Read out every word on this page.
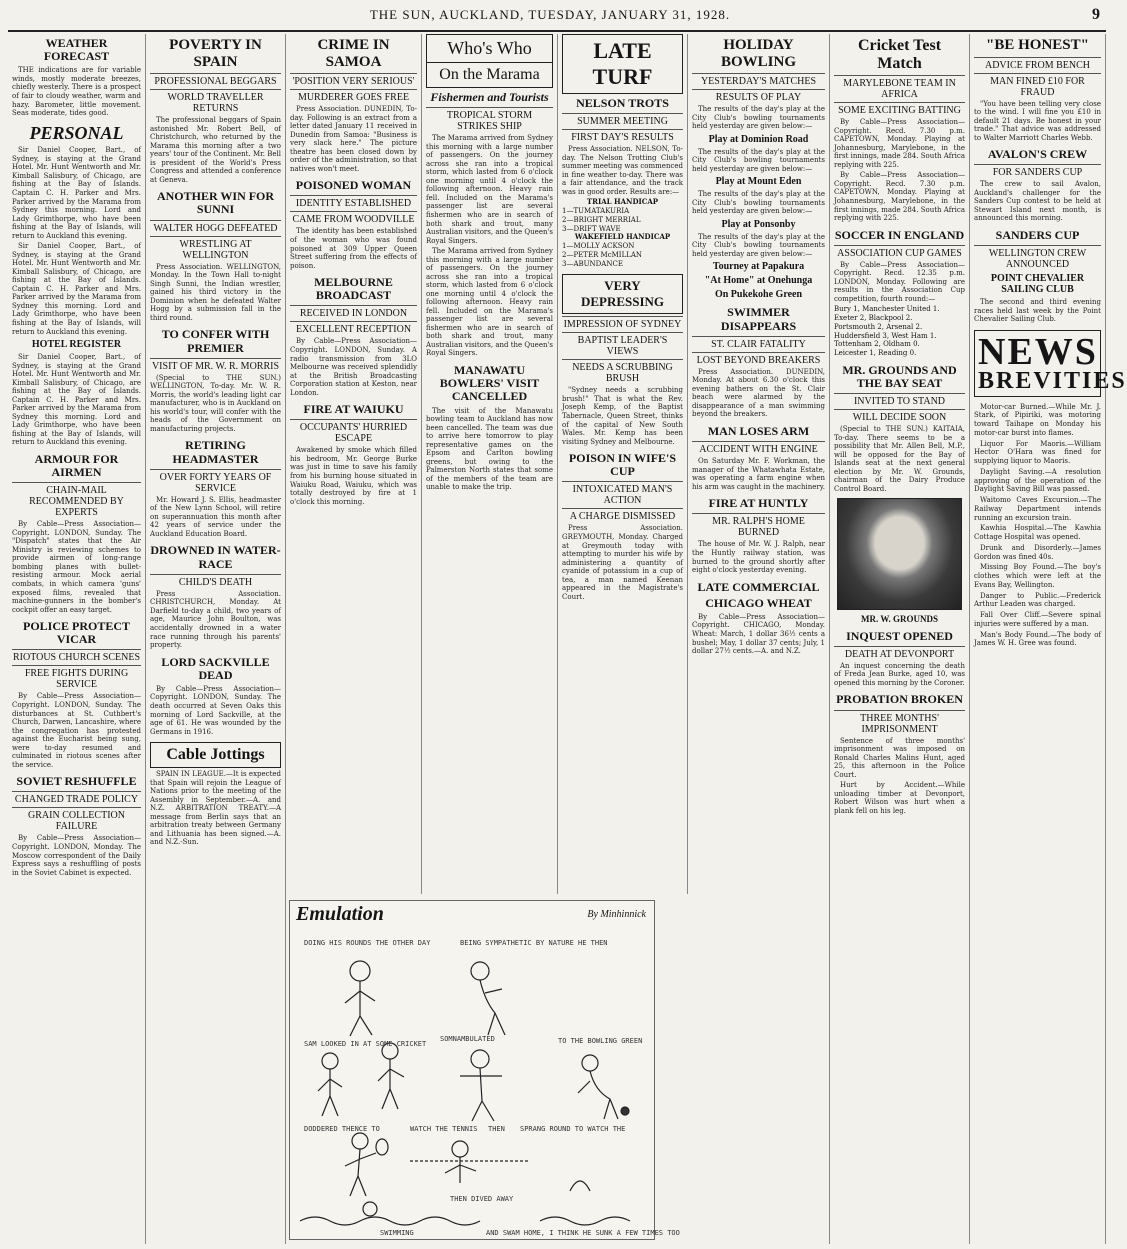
THE SUN, AUCKLAND, TUESDAY, JANUARY 31, 1928.	9
WEATHER FORECAST
THE indications are for variable winds, mostly moderate breezes, chiefly westerly. There is a prospect of fair to cloudy weather, warm and hazy. Barometer, little movement. Seas moderate, tides good.
PERSONAL
Sir Daniel Cooper, Bart., of Sydney, is staying at the Grand Hotel. Mr. Hunt Wentworth and Mr. Kimball Salisbury, of Chicago, are fishing at the Bay of Islands. Captain C. H. Parker and Mrs. Parker arrived by the Marama from Sydney this morning. Lord and Lady Grimthorpe, who have been fishing at the Bay of Islands, will return to Auckland this evening.
Sir Daniel Cooper, Bart., of Sydney, is staying at the Grand Hotel. Mr. Hunt Wentworth and Mr. Kimball Salisbury, of Chicago, are fishing at the Bay of Islands. Captain C. H. Parker and Mrs. Parker arrived by the Marama from Sydney this morning. Lord and Lady Grimthorpe, who have been fishing at the Bay of Islands, will return to Auckland this evening.
HOTEL REGISTER
Sir Daniel Cooper, Bart., of Sydney, is staying at the Grand Hotel. Mr. Hunt Wentworth and Mr. Kimball Salisbury, of Chicago, are fishing at the Bay of Islands. Captain C. H. Parker and Mrs. Parker arrived by the Marama from Sydney this morning. Lord and Lady Grimthorpe, who have been fishing at the Bay of Islands, will return to Auckland this evening.
ARMOUR FOR AIRMEN
CHAIN-MAIL RECOMMENDED BY EXPERTS
By Cable—Press Association—Copyright. LONDON, Sunday. The "Dispatch" states that the Air Ministry is reviewing schemes to provide airmen of long-range bombing planes with bullet-resisting armour. Mock aerial combats, in which camera 'guns' exposed films, revealed that machine-gunners in the bomber's cockpit offer an easy target.
POLICE PROTECT VICAR
RIOTOUS CHURCH SCENES
FREE FIGHTS DURING SERVICE
By Cable—Press Association—Copyright. LONDON, Sunday. The disturbances at St. Cuthbert's Church, Darwen, Lancashire, where the congregation has protested against the Eucharist being sung, were to-day resumed and culminated in riotous scenes after the service.
SOVIET RESHUFFLE
CHANGED TRADE POLICY
GRAIN COLLECTION FAILURE
By Cable—Press Association—Copyright. LONDON, Monday. The Moscow correspondent of the Daily Express says a reshuffling of posts in the Soviet Cabinet is expected.
POVERTY IN SPAIN
PROFESSIONAL BEGGARS
WORLD TRAVELLER RETURNS
The professional beggars of Spain astonished Mr. Robert Bell, of Christchurch, who returned by the Marama this morning after a two years' tour of the Continent. Mr. Bell is president of the World's Press Congress and attended a conference at Geneva.
ANOTHER WIN FOR SUNNI
WALTER HOGG DEFEATED
WRESTLING AT WELLINGTON
Press Association. WELLINGTON, Monday. In the Town Hall to-night Singh Sunni, the Indian wrestler, gained his third victory in the Dominion when he defeated Walter Hogg by a submission fall in the third round.
TO CONFER WITH PREMIER
VISIT OF MR. W. R. MORRIS
(Special to THE SUN.) WELLINGTON, To-day. Mr. W. R. Morris, the world's leading light car manufacturer, who is in Auckland on his world's tour, will confer with the heads of the Government on manufacturing projects.
RETIRING HEADMASTER
OVER FORTY YEARS OF SERVICE
Mr. Howard J. S. Ellis, headmaster of the New Lynn School, will retire on superannuation this month after 42 years of service under the Auckland Education Board.
DROWNED IN WATER-RACE
CHILD'S DEATH
Press Association. CHRISTCHURCH, Monday. At Darfield to-day a child, two years of age, Maurice John Boulton, was accidentally drowned in a water race running through his parents' property.
LORD SACKVILLE DEAD
By Cable—Press Association—Copyright. LONDON, Sunday. The death occurred at Seven Oaks this morning of Lord Sackville, at the age of 61. He was wounded by the Germans in 1916.
Cable Jottings
SPAIN IN LEAGUE.—It is expected that Spain will rejoin the League of Nations prior to the meeting of the Assembly in September.—A. and N.Z. ARBITRATION TREATY.—A message from Berlin says that an arbitration treaty between Germany and Lithuania has been signed.—A. and N.Z.-Sun.
CRIME IN SAMOA
'POSITION VERY SERIOUS'
MURDERER GOES FREE
Press Association. DUNEDIN, To-day. Following is an extract from a letter dated January 11 received in Dunedin from Samoa: "Business is very slack here." The picture theatre has been closed down by order of the administration, so that natives won't meet.
POISONED WOMAN
IDENTITY ESTABLISHED
CAME FROM WOODVILLE
The identity has been established of the woman who was found poisoned at 309 Upper Queen Street suffering from the effects of poison.
MELBOURNE BROADCAST
RECEIVED IN LONDON
EXCELLENT RECEPTION
By Cable—Press Association—Copyright. LONDON, Sunday. A radio transmission from 3LO Melbourne was received splendidly at the British Broadcasting Corporation station at Keston, near London.
FIRE AT WAIUKU
OCCUPANTS' HURRIED ESCAPE
Awakened by smoke which filled his bedroom, Mr. George Burke was just in time to save his family from his burning house situated in Waiuku Road, Waiuku, which was totally destroyed by fire at 1 o'clock this morning.
Who's Who
On the Marama
Fishermen and Tourists
TROPICAL STORM STRIKES SHIP
The Marama arrived from Sydney this morning with a large number of passengers. On the journey across she ran into a tropical storm, which lasted from 6 o'clock one morning until 4 o'clock the following afternoon. Heavy rain fell. Included on the Marama's passenger list are several fishermen who are in search of both shark and trout, many Australian visitors, and the Queen's Royal Singers.
The Marama arrived from Sydney this morning with a large number of passengers. On the journey across she ran into a tropical storm, which lasted from 6 o'clock one morning until 4 o'clock the following afternoon. Heavy rain fell. Included on the Marama's passenger list are several fishermen who are in search of both shark and trout, many Australian visitors, and the Queen's Royal Singers.
MANAWATU BOWLERS' VISIT CANCELLED
The visit of the Manawatu bowling team to Auckland has now been cancelled. The team was due to arrive here tomorrow to play representative games on the Epsom and Carlton bowling greens, but owing to the Palmerston North states that some of the members of the team are unable to make the trip.
LATE TURF
NELSON TROTS
SUMMER MEETING
FIRST DAY'S RESULTS
Press Association. NELSON, To-day. The Nelson Trotting Club's summer meeting was commenced in fine weather to-day. There was a fair attendance, and the track was in good order. Results are:—
TRIAL HANDICAP
1—TUMATAKURIA
2—BRIGHT MERRIAL
3—DRIFT WAVE
WAKEFIELD HANDICAP
1—MOLLY ACKSON
2—PETER McMILLAN
3—ABUNDANCE
VERY DEPRESSING
IMPRESSION OF SYDNEY
BAPTIST LEADER'S VIEWS
NEEDS A SCRUBBING BRUSH
"Sydney needs a scrubbing brush!" That is what the Rev. Joseph Kemp, of the Baptist Tabernacle, Queen Street, thinks of the capital of New South Wales. Mr. Kemp has been visiting Sydney and Melbourne.
POISON IN WIFE'S CUP
INTOXICATED MAN'S ACTION
A CHARGE DISMISSED
Press Association. GREYMOUTH, Monday. Charged at Greymouth today with attempting to murder his wife by administering a quantity of cyanide of potassium in a cup of tea, a man named Keenan appeared in the Magistrate's Court.
HOLIDAY BOWLING
YESTERDAY'S MATCHES
RESULTS OF PLAY
The results of the day's play at the City Club's bowling tournaments held yesterday are given below:—
Play at Dominion Road
The results of the day's play at the City Club's bowling tournaments held yesterday are given below:—
Play at Mount Eden
The results of the day's play at the City Club's bowling tournaments held yesterday are given below:—
Play at Ponsonby
The results of the day's play at the City Club's bowling tournaments held yesterday are given below:—
Tourney at Papakura
"At Home" at Onehunga
On Pukekohe Green
SWIMMER DISAPPEARS
ST. CLAIR FATALITY
LOST BEYOND BREAKERS
Press Association. DUNEDIN, Monday. At about 6.30 o'clock this evening bathers on the St. Clair beach were alarmed by the disappearance of a man swimming beyond the breakers.
MAN LOSES ARM
ACCIDENT WITH ENGINE
On Saturday Mr. F. Workman, the manager of the Whatawhata Estate, was operating a farm engine when his arm was caught in the machinery.
FIRE AT HUNTLY
MR. RALPH'S HOME BURNED
The house of Mr. W. J. Ralph, near the Huntly railway station, was burned to the ground shortly after eight o'clock yesterday evening.
LATE COMMERCIAL
CHICAGO WHEAT
By Cable—Press Association—Copyright. CHICAGO, Monday. Wheat: March, 1 dollar 36½ cents a bushel; May, 1 dollar 37 cents; July, 1 dollar 27½ cents.—A. and N.Z.
Cricket Test Match
MARYLEBONE TEAM IN AFRICA
SOME EXCITING BATTING
By Cable—Press Association—Copyright. Recd. 7.30 p.m. CAPETOWN, Monday. Playing at Johannesburg, Marylebone, in the first innings, made 284. South Africa replying with 225.
By Cable—Press Association—Copyright. Recd. 7.30 p.m. CAPETOWN, Monday. Playing at Johannesburg, Marylebone, in the first innings, made 284. South Africa replying with 225.
SOCCER IN ENGLAND
ASSOCIATION CUP GAMES
By Cable—Press Association—Copyright. Recd. 12.35 p.m. LONDON, Monday. Following are results in the Association Cup competition, fourth round:—
Bury 1, Manchester United 1.
Exeter 2, Blackpool 2.
Portsmouth 2, Arsenal 2.
Huddersfield 3, West Ham 1.
Tottenham 2, Oldham 0.
Leicester 1, Reading 0.
MR. GROUNDS AND THE BAY SEAT
INVITED TO STAND
WILL DECIDE SOON
(Special to THE SUN.) KAITAIA, To-day. There seems to be a possibility that Mr. Allen Bell, M.P., will be opposed for the Bay of Islands seat at the next general election by Mr. W. Grounds, chairman of the Dairy Produce Control Board.
MR. W. GROUNDS
INQUEST OPENED
DEATH AT DEVONPORT
An inquest concerning the death of Freda Jean Burke, aged 10, was opened this morning by the Coroner.
PROBATION BROKEN
THREE MONTHS' IMPRISONMENT
Sentence of three months' imprisonment was imposed on Ronald Charles Malins Hunt, aged 25, this afternoon in the Police Court.
Hurt by Accident.—While unloading timber at Devonport, Robert Wilson was hurt when a plank fell on his leg.
"BE HONEST"
ADVICE FROM BENCH
MAN FINED £10 FOR FRAUD
"You have been telling very close to the wind. I will fine you £10 in default 21 days. Be honest in your trade." That advice was addressed to Walter Marriott Charles Webb.
AVALON'S CREW
FOR SANDERS CUP
The crew to sail Avalon, Auckland's challenger for the Sanders Cup contest to be held at Stewart Island next month, is announced this morning.
SANDERS CUP
WELLINGTON CREW ANNOUNCED
POINT CHEVALIER SAILING CLUB
The second and third evening races held last week by the Point Chevalier Sailing Club.
NEWS
BREVITIES
Motor-car Burned.—While Mr. J. Stark, of Pipiriki, was motoring toward Taihape on Monday his motor-car burst into flames.
Liquor For Maoris.—William Hector O'Hara was fined for supplying liquor to Maoris.
Daylight Saving.—A resolution approving of the operation of the Daylight Saving Bill was passed.
Waitomo Caves Excursion.—The Railway Department intends running an excursion train.
Kawhia Hospital.—The Kawhia Cottage Hospital was opened.
Drunk and Disorderly.—James Gordon was fined 40s.
Missing Boy Found.—The boy's clothes which were left at the Evans Bay, Wellington.
Danger to Public.—Frederick Arthur Leaden was charged.
Fall Over Cliff.—Severe spinal injuries were suffered by a man.
Man's Body Found.—The body of James W. H. Gree was found.
Emulation	By Minhinnick
DOING HIS ROUNDS THE OTHER DAY	BEING SYMPATHETIC BY NATURE HE THEN
SAM LOOKED IN AT SOME CRICKET
SOMNAMBULATED	TO THE BOWLING GREEN
DODDERED THENCE TO	WATCH THE TENNIS THEN SPRANG ROUND TO WATCH THE
SWIMMING
THEN DIVED AWAY
AND SWAM HOME, I THINK HE SUNK A FEW TIMES TOO
